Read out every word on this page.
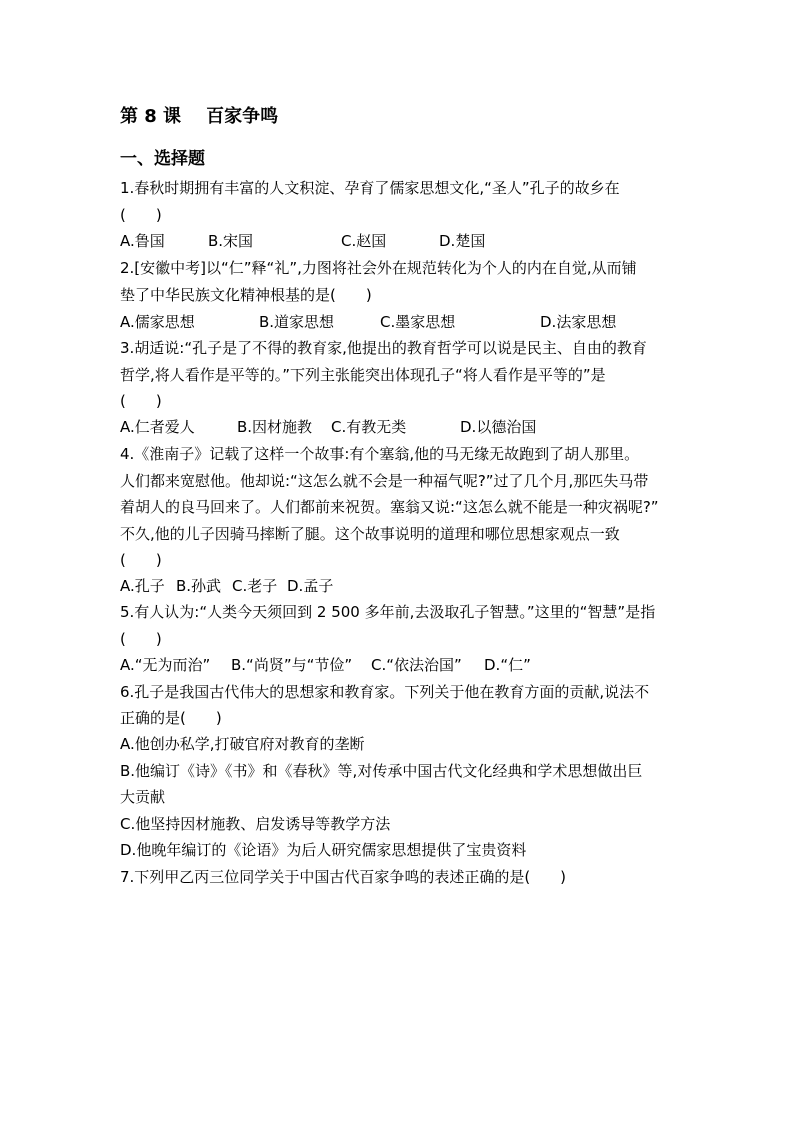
第 8 课    百家争鸣
一、选择题
1.春秋时期拥有丰富的人文积淀、孕育了儒家思想文化,“圣人”孔子的故乡在
(　　)
A.鲁国	B.宋国	C.赵国	D.楚国
2.[安徽中考]以“仁”释“礼”,力图将社会外在规范转化为个人的内在自觉,从而铺
垫了中华民族文化精神根基的是(　　)
A.儒家思想	B.道家思想	C.墨家思想	D.法家思想
3.胡适说:“孔子是了不得的教育家,他提出的教育哲学可以说是民主、自由的教育
哲学,将人看作是平等的。”下列主张能突出体现孔子“将人看作是平等的”是
(　　)
A.仁者爱人	B.因材施教 C.有教无类	D.以德治国
4.《淮南子》记载了这样一个故事:有个塞翁,他的马无缘无故跑到了胡人那里。
人们都来宽慰他。他却说:“这怎么就不会是一种福气呢?”过了几个月,那匹失马带
着胡人的良马回来了。人们都前来祝贺。塞翁又说:“这怎么就不能是一种灾祸呢?”
不久,他的儿子因骑马摔断了腿。这个故事说明的道理和哪位思想家观点一致
(　　)
A.孔子 B.孙武 C.老子 D.孟子
5.有人认为:“人类今天须回到 2 500 多年前,去汲取孔子智慧。”这里的“智慧”是指
(　　)
A.“无为而治” B.“尚贤”与“节俭” C.“依法治国” D.“仁”
6.孔子是我国古代伟大的思想家和教育家。下列关于他在教育方面的贡献,说法不
正确的是(　　)
A.他创办私学,打破官府对教育的垄断
B.他编订《诗》《书》和《春秋》等,对传承中国古代文化经典和学术思想做出巨
大贡献
C.他坚持因材施教、启发诱导等教学方法
D.他晚年编订的《论语》为后人研究儒家思想提供了宝贵资料
7.下列甲乙丙三位同学关于中国古代百家争鸣的表述正确的是(　　)
